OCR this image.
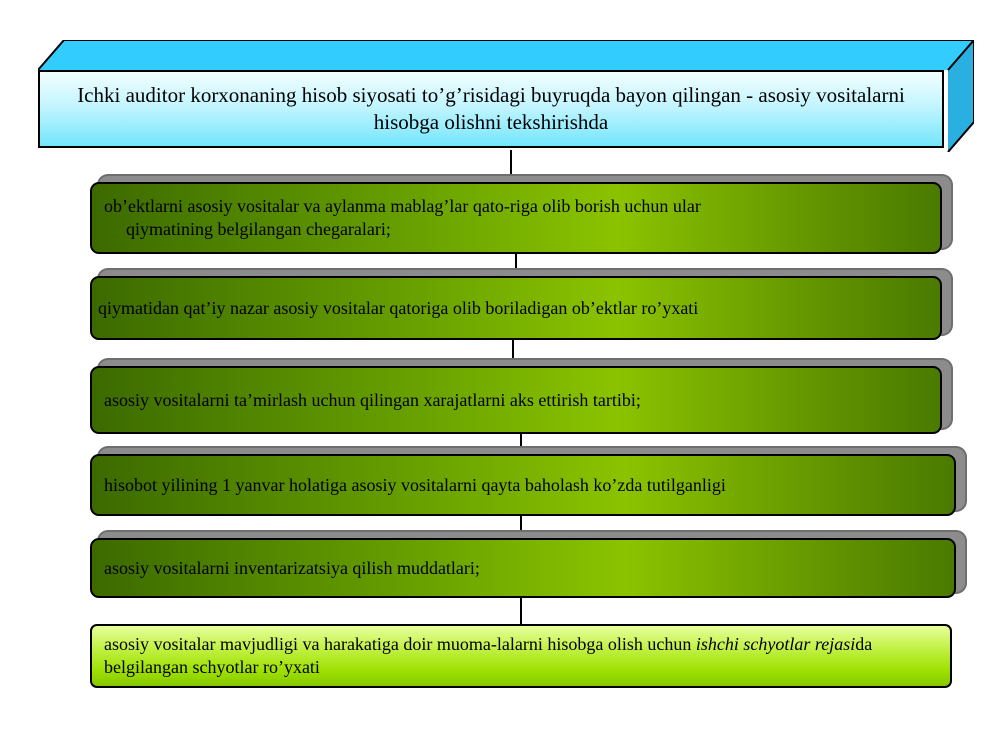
Ichki auditor korxonaning hisob siyosati to’g’risidagi buyruqda bayon qilingan - asosiy vositalarni hisobga olishni tekshirishda
ob’ektlarni asosiy vositalar va aylanma mablag’lar qato-riga olib borish uchun ular
qiymatining belgilangan chegaralari;
qiymatidan qat’iy nazar asosiy vositalar qatoriga olib boriladigan ob’ektlar ro’yxati
asosiy vositalarni ta’mirlash uchun qilingan xarajatlarni aks ettirish tartibi;
hisobot yilining 1 yanvar holatiga asosiy vositalarni qayta baholash ko’zda tutilganligi
asosiy vositalarni inventarizatsiya qilish muddatlari;
asosiy vositalar mavjudligi va harakatiga doir muoma-lalarni hisobga olish uchun ishchi schyotlar rejasida belgilangan schyotlar ro’yxati
